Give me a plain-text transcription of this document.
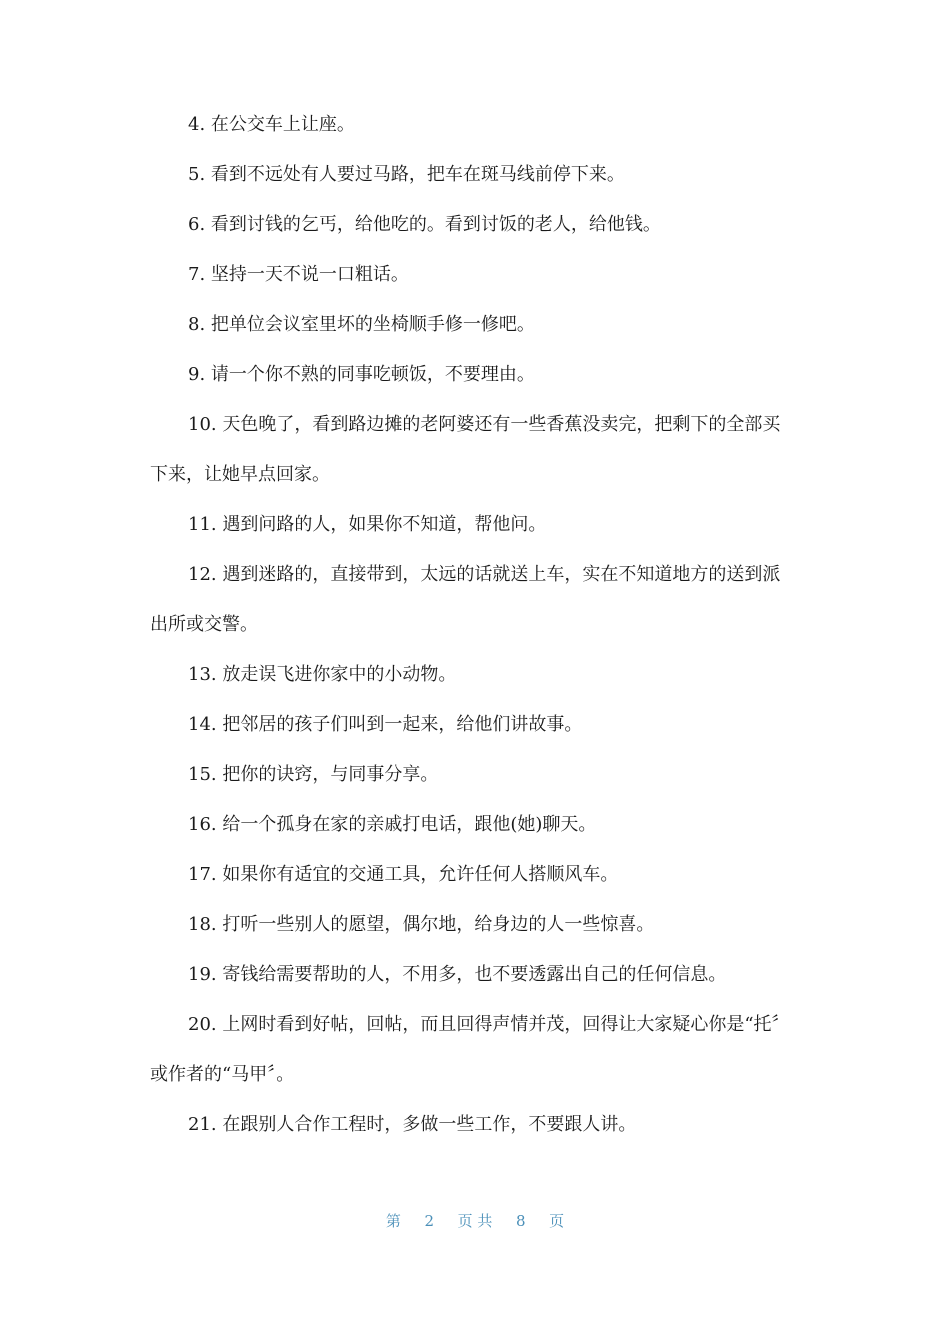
4. 在公交车上让座。

5. 看到不远处有人要过马路，把车在斑马线前停下来。

6. 看到讨钱的乞丐，给他吃的。看到讨饭的老人，给他钱。

7. 坚持一天不说一口粗话。

8. 把单位会议室里坏的坐椅顺手修一修吧。

9. 请一个你不熟的同事吃顿饭，不要理由。

10. 天色晚了，看到路边摊的老阿婆还有一些香蕉没卖完，把剩下的全部买下来，让她早点回家。

11. 遇到问路的人，如果你不知道，帮他问。

12. 遇到迷路的，直接带到，太远的话就送上车，实在不知道地方的送到派出所或交警。

13. 放走误飞进你家中的小动物。

14. 把邻居的孩子们叫到一起来，给他们讲故事。

15. 把你的诀窍，与同事分享。

16. 给一个孤身在家的亲戚打电话，跟他(她)聊天。

17. 如果你有适宜的交通工具，允许任何人搭顺风车。

18. 打听一些别人的愿望，偶尔地，给身边的人一些惊喜。

19. 寄钱给需要帮助的人，不用多，也不要透露出自己的任何信息。

20. 上网时看到好帖，回帖，而且回得声情并茂，回得让大家疑心你是“托〞或作者的“马甲〞。

21. 在跟别人合作工程时，多做一些工作，不要跟人讲。

第 2 页 共 8 页
